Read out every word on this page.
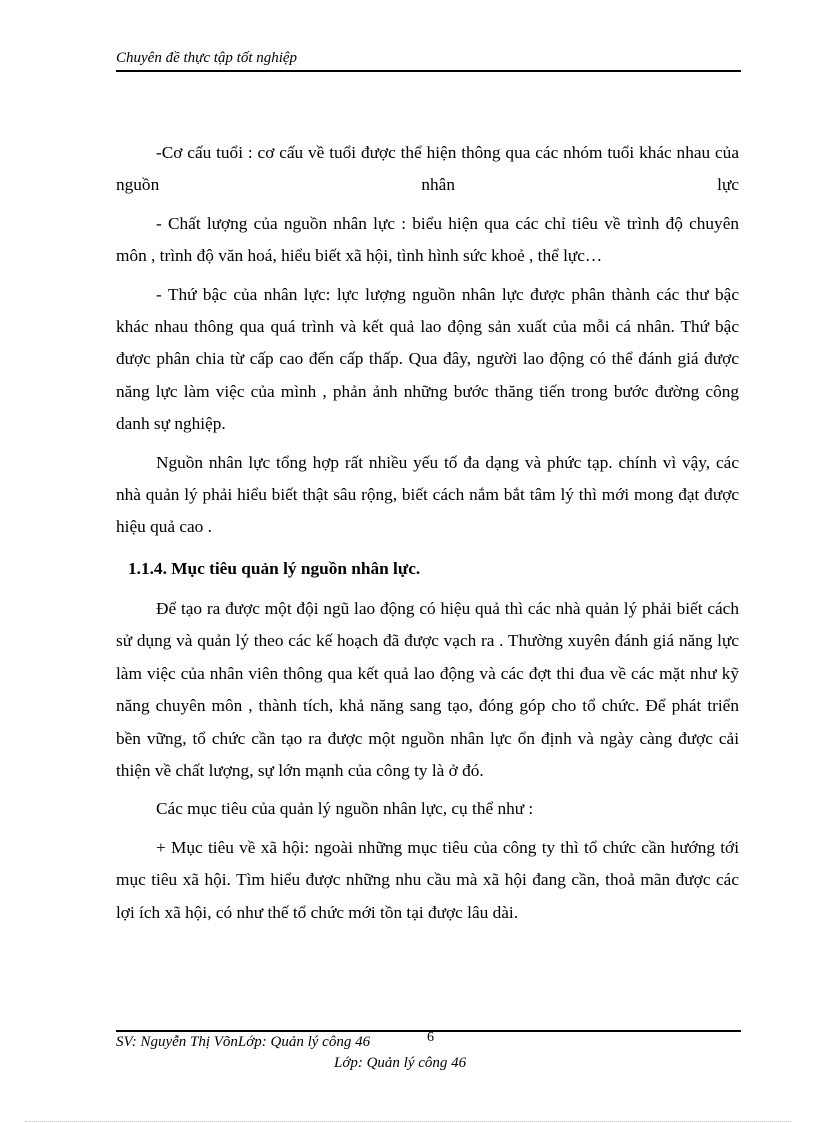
Chuyên đề thực tập tốt nghiệp

-Cơ cấu tuổi : cơ cấu về tuổi được thể hiện thông qua các nhóm tuổi khác nhau của nguồn nhân lực

- Chất lượng của nguồn nhân lực : biểu hiện qua các chỉ tiêu về trình độ chuyên môn , trình độ văn hoá, hiểu biết xã hội, tình hình sức khoẻ , thể lực…

- Thứ bậc của nhân lực: lực lượng nguồn nhân lực được phân thành các thư bậc khác nhau thông qua quá trình và kết quả lao động sản xuất của mỗi cá nhân. Thứ bậc được phân chia từ cấp cao đến cấp thấp. Qua đây, người lao động có thể đánh giá được năng lực làm việc của mình , phản ảnh những bước thăng tiến trong bước đường công danh sự nghiệp.

Nguồn nhân lực tổng hợp rất nhiều yếu tố đa dạng và phức tạp. chính vì vậy, các nhà quản lý phải hiểu biết thật sâu rộng, biết cách nắm bắt tâm lý thì mới mong đạt được hiệu quả cao .

1.1.4. Mục tiêu quản lý nguồn nhân lực.

Để tạo ra được một đội ngũ lao động có hiệu quả thì các nhà quản lý phải biết cách sử dụng và quản lý theo các kế hoạch đã được vạch ra . Thường xuyên đánh giá năng lực làm việc của nhân viên thông qua kết quả lao động và các đợt thi đua về các mặt như kỹ năng chuyên môn , thành tích, khả năng sang tạo, đóng góp cho tổ chức. Để phát triển bền vững, tổ chức cần tạo ra được một nguồn nhân lực ổn định và ngày càng được cải thiện về chất lượng, sự lớn mạnh của công ty là ở đó.

Các mục tiêu của quản lý nguồn nhân lực, cụ thể như :

+ Mục tiêu về xã hội: ngoài những mục tiêu của công ty thì tổ chức cần hướng tới mục tiêu xã hội. Tìm hiểu được những nhu cầu mà xã hội đang cần, thoả mãn được các lợi ích xã hội, có như thế tổ chức mới tồn tại được lâu dài.

SV: Nguyễn Thị VõnLớp: Quản lý công 46	6
Lớp: Quản lý công 46
